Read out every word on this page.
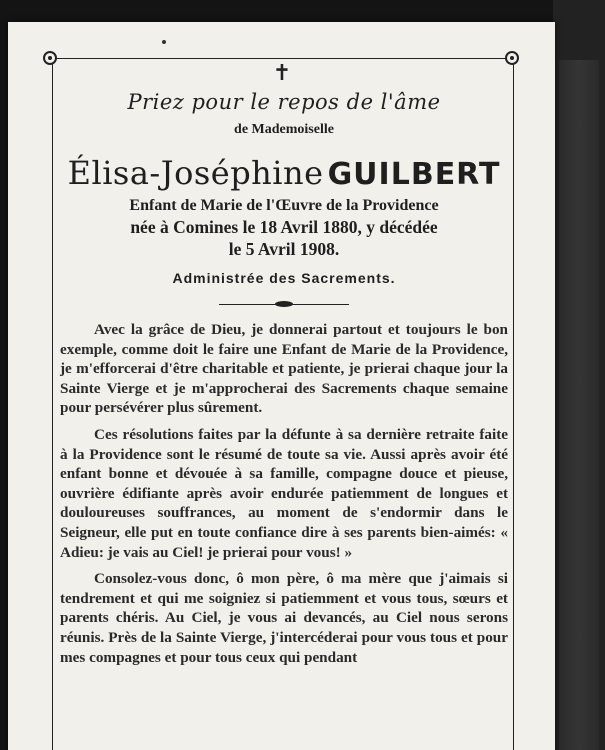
✝

Priez pour le repos de l'âme

de Mademoiselle

Élisa-Joséphine GUILBERT

Enfant de Marie de l'Œuvre de la Providence

née à Comines le 18 Avril 1880, y décédée

le 5 Avril 1908.

Administrée des Sacrements.

Avec la grâce de Dieu, je donnerai partout et toujours le bon exemple, comme doit le faire une Enfant de Marie de la Providence, je m'efforcerai d'être charitable et patiente, je prierai chaque jour la Sainte Vierge et je m'approcherai des Sacrements chaque semaine pour persévérer plus sûrement.

Ces résolutions faites par la défunte à sa dernière retraite faite à la Providence sont le résumé de toute sa vie. Aussi après avoir été enfant bonne et dévouée à sa famille, compagne douce et pieuse, ouvrière édifiante après avoir endurée patiemment de longues et douloureuses souffrances, au moment de s'endormir dans le Seigneur, elle put en toute confiance dire à ses parents bien-aimés: « Adieu: je vais au Ciel! je prierai pour vous! »

Consolez-vous donc, ô mon père, ô ma mère que j'aimais si tendrement et qui me soigniez si patiemment et vous tous, sœurs et parents chéris. Au Ciel, je vous ai devancés, au Ciel nous serons réunis. Près de la Sainte Vierge, j'intercéderai pour vous tous et pour mes compagnes et pour tous ceux qui pendant
